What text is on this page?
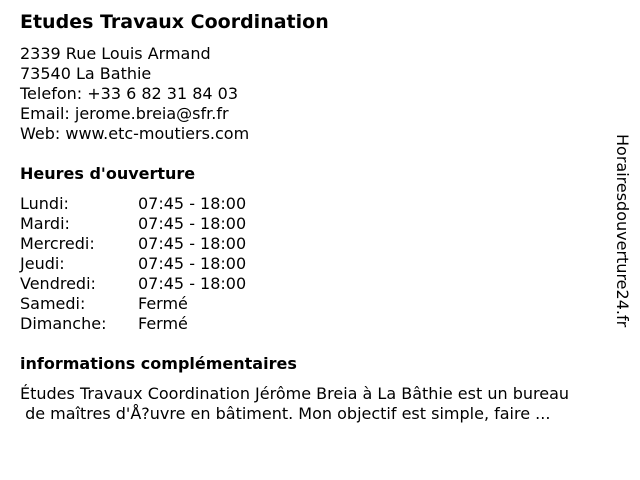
Etudes Travaux Coordination
2339 Rue Louis Armand
73540 La Bathie
Telefon: +33 6 82 31 84 03
Email: jerome.breia@sfr.fr
Web: www.etc-moutiers.com
Heures d'ouverture
Lundi:	07:45 - 18:00
Mardi:	07:45 - 18:00
Mercredi:	07:45 - 18:00
Jeudi:	07:45 - 18:00
Vendredi:	07:45 - 18:00
Samedi:	Fermé
Dimanche: Fermé
informations complémentaires
Études Travaux Coordination Jérôme Breia à La Bâthie est un bureau
de maîtres d'Å?uvre en bâtiment. Mon objectif est simple, faire ...
Horairesdouverture24.fr
